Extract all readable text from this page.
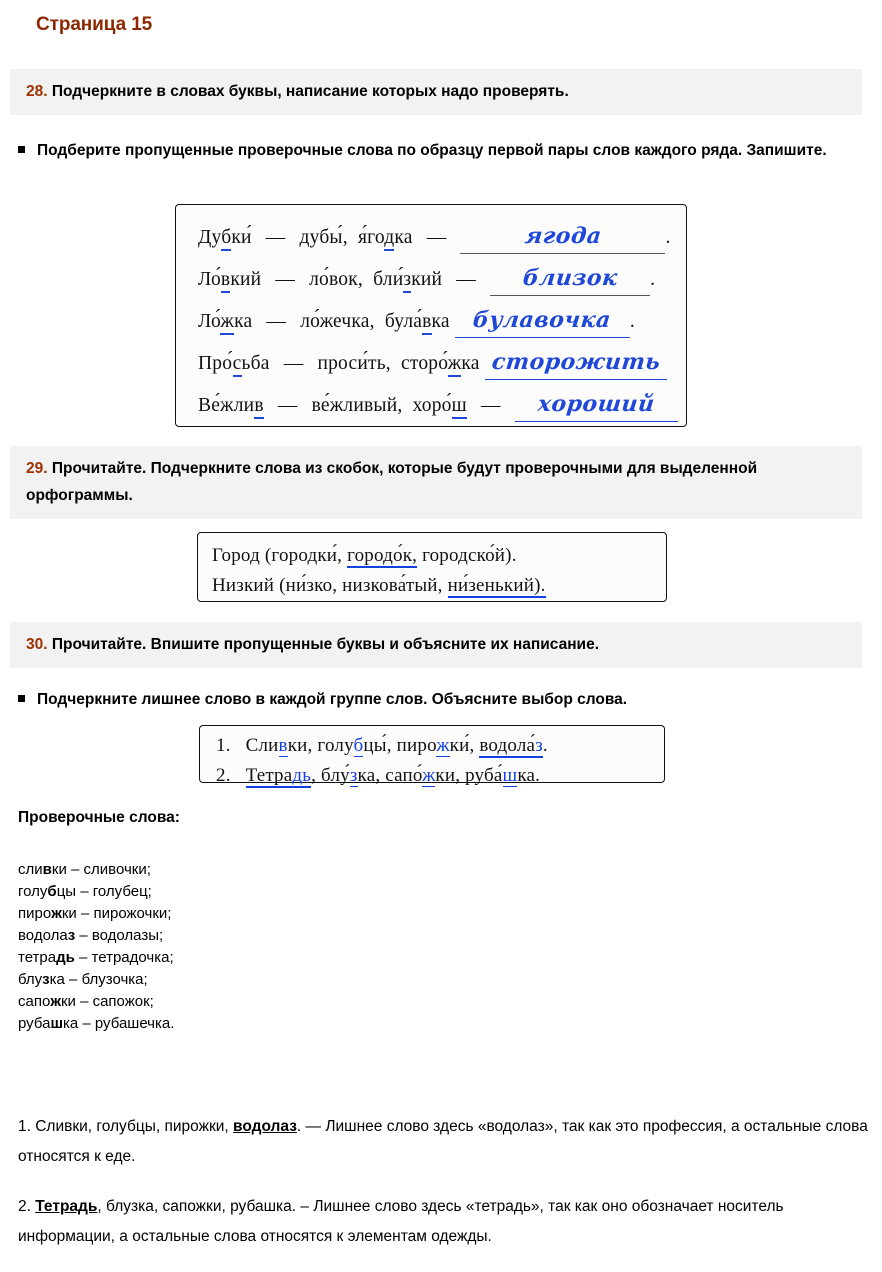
Страница 15
28. Подчеркните в словах буквы, написание которых надо проверять.
Подберите пропущенные проверочные слова по образцу первой пары слов каждого ряда. Запишите.
Дубки́ — дубы́, я́годка —	ягода	.
Ло́вкий — ло́вок, бли́зкий — близок .
Ло́жка — ло́жечка, була́вка булавочка .
Про́сьба — проси́ть, сторо́жка сторожить
Ве́жлив — ве́жливый, хоро́ш — хороший
29. Прочитайте. Подчеркните слова из скобок, которые будут проверочными для выделенной орфограммы.
Город (городки́, городо́к, городско́й).
Низкий (ни́зко, низкова́тый, ни́зенький).
30. Прочитайте. Впишите пропущенные буквы и объясните их написание.
Подчеркните лишнее слово в каждой группе слов. Объясните выбор слова.
1. Сливки, голубцы́, пирожки́, водола́з.
2. Тетрадь, блу́зка, сапо́жки, руба́шка.
Проверочные слова:
сливки – сливочки;
голубцы – голубец;
пирожки – пирожочки;
водолаз – водолазы;
тетрадь – тетрадочка;
блузка – блузочка;
сапожки – сапожок;
рубашка – рубашечка.
1. Сливки, голубцы, пирожки, водолаз. — Лишнее слово здесь «водолаз», так как это профессия, а остальные слова относятся к еде.
2. Тетрадь, блузка, сапожки, рубашка. – Лишнее слово здесь «тетрадь», так как оно обозначает носитель информации, а остальные слова относятся к элементам одежды.
